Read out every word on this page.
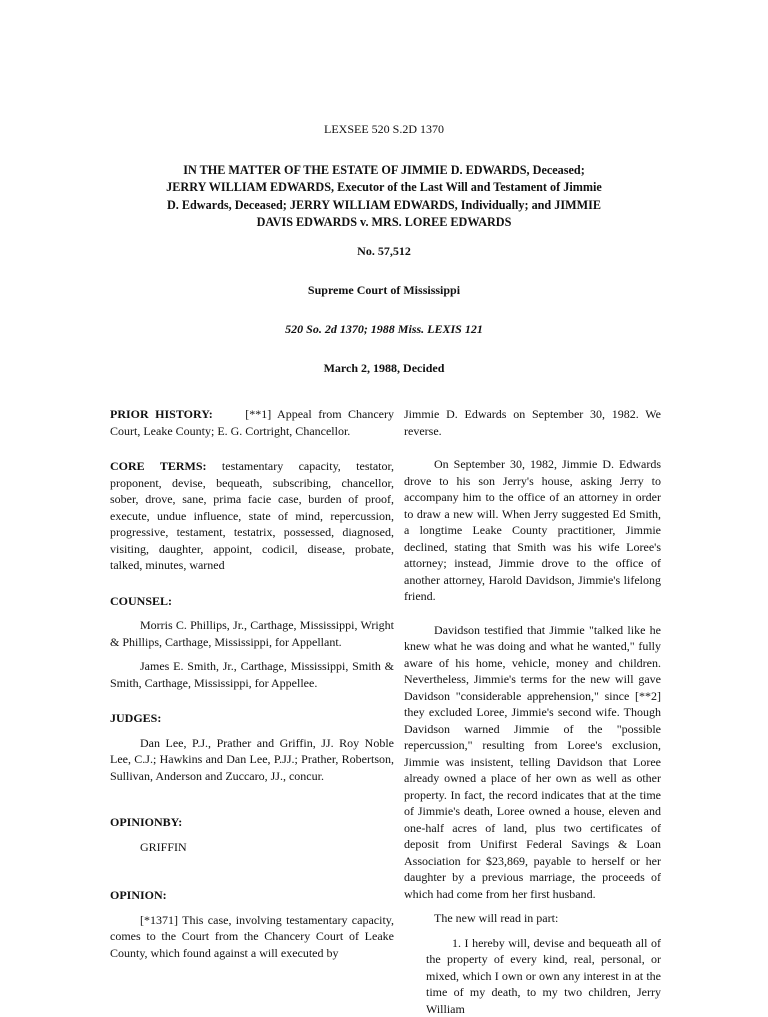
LEXSEE 520 S.2D 1370
IN THE MATTER OF THE ESTATE OF JIMMIE D. EDWARDS, Deceased;
JERRY WILLIAM EDWARDS, Executor of the Last Will and Testament of Jimmie
D. Edwards, Deceased; JERRY WILLIAM EDWARDS, Individually; and JIMMIE
DAVIS EDWARDS v. MRS. LOREE EDWARDS
No. 57,512
Supreme Court of Mississippi
520 So. 2d 1370; 1988 Miss. LEXIS 121
March 2, 1988, Decided
PRIOR HISTORY:	[**1] Appeal from Chancery Court, Leake County; E. G. Cortright, Chancellor.
CORE TERMS: testamentary capacity, testator, proponent, devise, bequeath, subscribing, chancellor, sober, drove, sane, prima facie case, burden of proof, execute, undue influence, state of mind, repercussion, progressive, testament, testatrix, possessed, diagnosed, visiting, daughter, appoint, codicil, disease, probate, talked, minutes, warned
COUNSEL:

Morris C. Phillips, Jr., Carthage, Mississippi, Wright & Phillips, Carthage, Mississippi, for Appellant.

James E. Smith, Jr., Carthage, Mississippi, Smith & Smith, Carthage, Mississippi, for Appellee.

JUDGES:

Dan Lee, P.J., Prather and Griffin, JJ. Roy Noble Lee, C.J.; Hawkins and Dan Lee, P.JJ.; Prather, Robertson, Sullivan, Anderson and Zuccaro, JJ., concur.

OPINIONBY:

GRIFFIN

OPINION:

[*1371] This case, involving testamentary capacity, comes to the Court from the Chancery Court of Leake County, which found against a will executed by

Jimmie D. Edwards on September 30, 1982. We reverse.

On September 30, 1982, Jimmie D. Edwards drove to his son Jerry's house, asking Jerry to accompany him to the office of an attorney in order to draw a new will. When Jerry suggested Ed Smith, a longtime Leake County practitioner, Jimmie declined, stating that Smith was his wife Loree's attorney; instead, Jimmie drove to the office of another attorney, Harold Davidson, Jimmie's lifelong friend.

Davidson testified that Jimmie "talked like he knew what he was doing and what he wanted," fully aware of his home, vehicle, money and children. Nevertheless, Jimmie's terms for the new will gave Davidson "considerable apprehension," since [**2] they excluded Loree, Jimmie's second wife. Though Davidson warned Jimmie of the "possible repercussion," resulting from Loree's exclusion, Jimmie was insistent, telling Davidson that Loree already owned a place of her own as well as other property. In fact, the record indicates that at the time of Jimmie's death, Loree owned a house, eleven and one-half acres of land, plus two certificates of deposit from Unifirst Federal Savings & Loan Association for $23,869, payable to herself or her daughter by a previous marriage, the proceeds of which had come from her first husband.

The new will read in part:

1. I hereby will, devise and bequeath all of the property of every kind, real, personal, or mixed, which I own or own any interest in at the time of my death, to my two children, Jerry William
